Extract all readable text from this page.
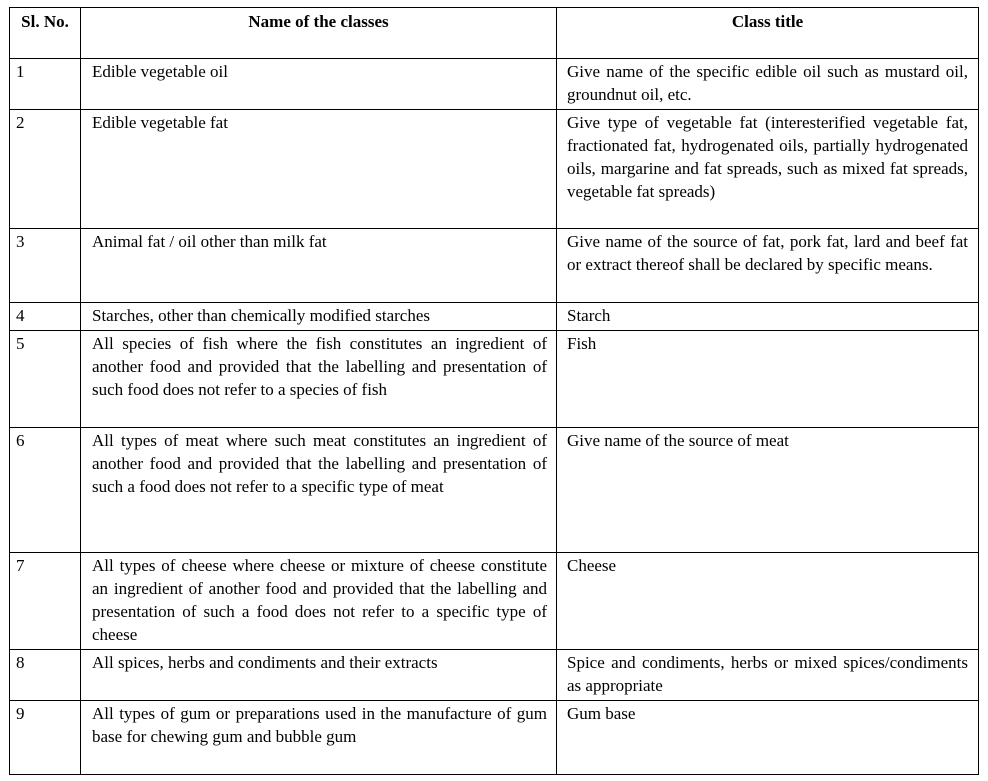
Sl. No.	Name of the classes	Class title
1	Edible vegetable oil	Give name of the specific edible oil such as mustard oil, groundnut oil, etc.
2	Edible vegetable fat	Give type of vegetable fat (interesterified vegetable fat, fractionated fat, hydrogenated oils, partially hydrogenated oils, margarine and fat spreads, such as mixed fat spreads, vegetable fat spreads)
3	Animal fat / oil other than milk fat	Give name of the source of fat, pork fat, lard and beef fat or extract thereof shall be declared by specific means.
4	Starches, other than chemically modified starches	Starch
5	All species of fish where the fish constitutes an ingredient of another food and provided that the labelling and presentation of such food does not refer to a species of fish	Fish
6	All types of meat where such meat constitutes an ingredient of another food and provided that the labelling and presentation of such a food does not refer to a specific type of meat	Give name of the source of meat
7	All types of cheese where cheese or mixture of cheese constitute an ingredient of another food and provided that the labelling and presentation of such a food does not refer to a specific type of cheese	Cheese
8	All spices, herbs and condiments and their extracts	Spice and condiments, herbs or mixed spices/condiments as appropriate
9	All types of gum or preparations used in the manufacture of gum base for chewing gum and bubble gum	Gum base
